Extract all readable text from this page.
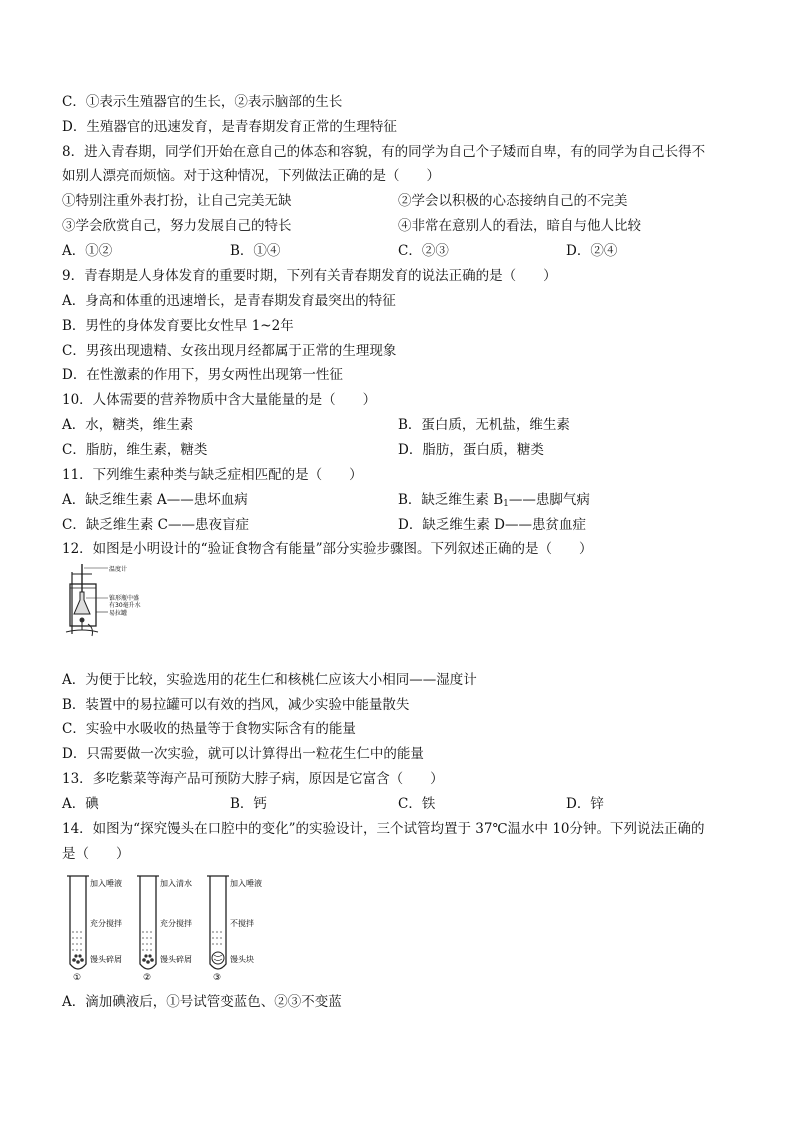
C．①表示生殖器官的生长，②表示脑部的生长
D．生殖器官的迅速发育，是青春期发育正常的生理特征
8．进入青春期，同学们开始在意自己的体态和容貌，有的同学为自己个子矮而自卑，有的同学为自己长得不
如别人漂亮而烦恼。对于这种情况，下列做法正确的是（　　）
①特别注重外表打扮，让自己完美无缺	②学会以积极的心态接纳自己的不完美
③学会欣赏自己，努力发展自己的特长	④非常在意别人的看法，暗自与他人比较
A．①②	B．①④	C．②③	D．②④
9．青春期是人身体发育的重要时期，下列有关青春期发育的说法正确的是（　　）
A．身高和体重的迅速增长，是青春期发育最突出的特征
B．男性的身体发育要比女性早 1~2年
C．男孩出现遗精、女孩出现月经都属于正常的生理现象
D．在性激素的作用下，男女两性出现第一性征
10．人体需要的营养物质中含大量能量的是（　　）
A．水，糖类，维生素	B．蛋白质，无机盐，维生素
C．脂肪，维生素，糖类	D．脂肪，蛋白质，糖类
11．下列维生素种类与缺乏症相匹配的是（　　）
A．缺乏维生素 A——患坏血病	B．缺乏维生素 $B_1——$患脚气病
C．缺乏维生素 C——患夜盲症	D．缺乏维生素 D——患贫血症
12．如图是小明设计的“验证食物含有能量”部分实验步骤图。下列叙述正确的是（　　）
温度计
锥形瓶中盛
有30毫升水
易拉罐
A．为便于比较，实验选用的花生仁和核桃仁应该大小相同——湿度计
B．装置中的易拉罐可以有效的挡风，减少实验中能量散失
C．实验中水吸收的热量等于食物实际含有的能量
D．只需要做一次实验，就可以计算得出一粒花生仁中的能量
13．多吃紫菜等海产品可预防大脖子病，原因是它富含（　　）
A．碘	B．钙	C．铁	D．锌
14．如图为“探究馒头在口腔中的变化”的实验设计，三个试管均置于 37℃温水中 10分钟。下列说法正确的
是（　　）
加入唾液
充分搅拌
馒头碎屑
①
加入清水
充分搅拌
馒头碎屑
②
加入唾液
不搅拌
馒头块
③
A．滴加碘液后，①号试管变蓝色、②③不变蓝
